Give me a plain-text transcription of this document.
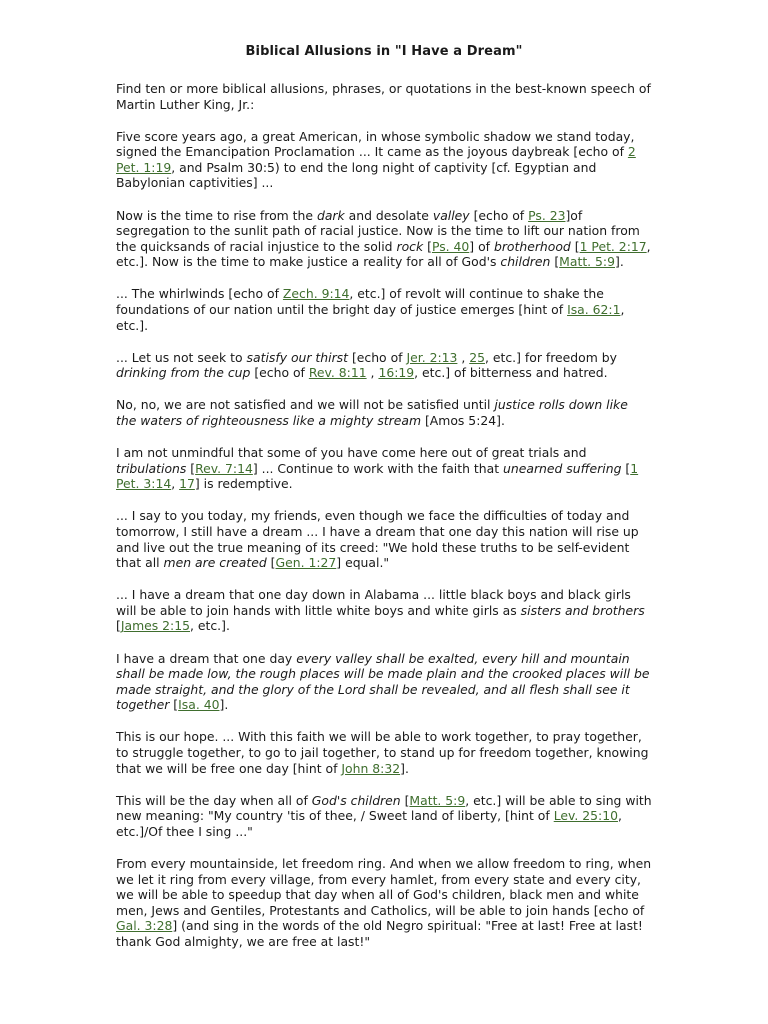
Biblical Allusions in "I Have a Dream"

Find ten or more biblical allusions, phrases, or quotations in the best-known speech of Martin Luther King, Jr.:

Five score years ago, a great American, in whose symbolic shadow we stand today, signed the Emancipation Proclamation ... It came as the joyous daybreak [echo of 2 Pet. 1:19, and Psalm 30:5) to end the long night of captivity [cf. Egyptian and Babylonian captivities] ...

Now is the time to rise from the dark and desolate valley [echo of Ps. 23]of segregation to the sunlit path of racial justice. Now is the time to lift our nation from the quicksands of racial injustice to the solid rock [Ps. 40] of brotherhood [1 Pet. 2:17, etc.]. Now is the time to make justice a reality for all of God's children [Matt. 5:9].

... The whirlwinds [echo of Zech. 9:14, etc.] of revolt will continue to shake the foundations of our nation until the bright day of justice emerges [hint of Isa. 62:1, etc.].

... Let us not seek to satisfy our thirst [echo of Jer. 2:13 , 25, etc.] for freedom by drinking from the cup [echo of Rev. 8:11 , 16:19, etc.] of bitterness and hatred.

No, no, we are not satisfied and we will not be satisfied until justice rolls down like the waters of righteousness like a mighty stream [Amos 5:24].

I am not unmindful that some of you have come here out of great trials and tribulations [Rev. 7:14] ... Continue to work with the faith that unearned suffering [1 Pet. 3:14, 17] is redemptive.

... I say to you today, my friends, even though we face the difficulties of today and tomorrow, I still have a dream ... I have a dream that one day this nation will rise up and live out the true meaning of its creed: "We hold these truths to be self-evident that all men are created [Gen. 1:27] equal."

... I have a dream that one day down in Alabama ... little black boys and black girls will be able to join hands with little white boys and white girls as sisters and brothers [James 2:15, etc.].

I have a dream that one day every valley shall be exalted, every hill and mountain shall be made low, the rough places will be made plain and the crooked places will be made straight, and the glory of the Lord shall be revealed, and all flesh shall see it together [Isa. 40].

This is our hope. ... With this faith we will be able to work together, to pray together, to struggle together, to go to jail together, to stand up for freedom together, knowing that we will be free one day [hint of John 8:32].

This will be the day when all of God's children [Matt. 5:9, etc.] will be able to sing with new meaning: "My country 'tis of thee, / Sweet land of liberty, [hint of Lev. 25:10, etc.]/Of thee I sing ..."

From every mountainside, let freedom ring. And when we allow freedom to ring, when we let it ring from every village, from every hamlet, from every state and every city, we will be able to speedup that day when all of God's children, black men and white men, Jews and Gentiles, Protestants and Catholics, will be able to join hands [echo of Gal. 3:28] (and sing in the words of the old Negro spiritual: "Free at last! Free at last! thank God almighty, we are free at last!"
